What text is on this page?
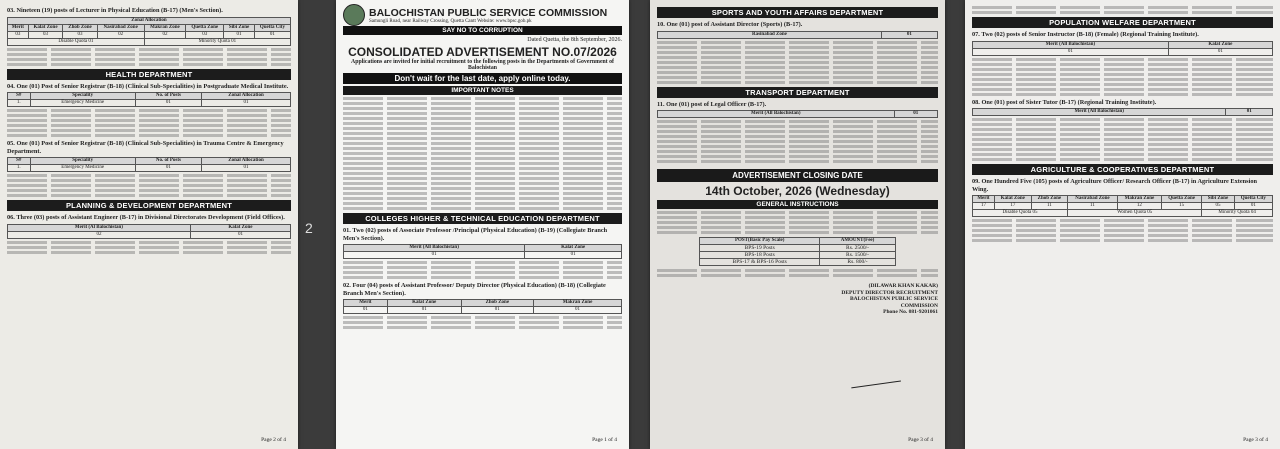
03. Nineteen (19) posts of Lecturer in Physical Education (B-17) (Men's Section).
Zonal Allocation							
Merit	Kalat Zone	Zhob Zone	Nasirabad Zone	Makran Zone	Quetta Zone	Sibi Zone	Quetta City
03	03	03	02	02	03	01	01
Disable Quota 01				Minority Quota 01			
HEALTH DEPARTMENT
04. One (01) Post of Senior Registrar (B-18) (Clinical Sub-Specialities) in Postgraduate Medical Institute.
S#	Speciality	No. of Posts	Zonal Allocation
1.	Emergency Medicine	01	01
05. One (01) Post of Senior Registrar (B-18) (Clinical Sub-Specialities) in Trauma Centre & Emergency Department.
S#	Speciality	No. of Posts	Zonal Allocation
1.	Emergency Medicine	01	01
PLANNING & DEVELOPMENT DEPARTMENT
06. Three (03) posts of Assistant Engineer (B-17) in Divisional Directorates Development (Field Offices).
Merit (Al Balochistan)	Kalat Zone
02	01
Page 2 of 4
2
BALOCHISTAN PUBLIC SERVICE COMMISSION
Samungli Road, near Railway Crossing, Quetta Cantt Website: www.bpsc.gob.pk
SAY NO TO CORRUPTION
Dated Quetta, the 8th September, 2026.
CONSOLIDATED ADVERTISEMENT NO.07/2026
Applications are invited for initial recruitment to the following posts in the Departments of Government of Balochistan
Don't wait for the last date, apply online today.
IMPORTANT NOTES
COLLEGES HIGHER & TECHNICAL EDUCATION DEPARTMENT
01. Two (02) posts of Associate Professor /Principal (Physical Education) (B-19) (Collegiate Branch Men's Section).
Merit (All Balochistan)	Kalat Zone
01	01
02. Four (04) posts of Assistant Professor/ Deputy Director (Physical Education) (B-18) (Collegiate Branch Men's Section).
Merit	Kalat Zone	Zhob Zone	Makran Zone
01	01	01	01
Page 1 of 4
SPORTS AND YOUTH AFFAIRS DEPARTMENT
10. One (01) post of Assistant Director (Sports) (B-17).
Rasinabad Zone	01
TRANSPORT DEPARTMENT
11. One (01) post of Legal Officer (B-17).
Merit (All Balochistan)	01
ADVERTISEMENT CLOSING DATE
14th October, 2026 (Wednesday)
GENERAL INSTRUCTIONS
POST(Basic Pay Scale)	AMOUNT(Fee)
BPS-19 Posts	Rs. 2500/-
BPS-18 Posts	Rs. 1500/-
BPS-17 & BPS-16 Posts	Rs. 800/-
(DILAWAR KHAN KAKAR)
DEPUTY DIRECTOR RECRUITMENT
BALOCHISTAN PUBLIC SERVICE
COMMISSION
Phone No. 081-9201061
Page 3 of 4
POPULATION WELFARE DEPARTMENT
07. Two (02) posts of Senior Instructor (B-18) (Female) (Regional Training Institute).
Merit (All Balochistan)	Kalat Zone
01	01
08. One (01) post of Sister Tutor (B-17) (Regional Training Institute).
Merit (All Balochistan)	01
AGRICULTURE & COOPERATIVES DEPARTMENT
09. One Hundred Five (105) posts of Agriculture Officer/ Research Officer (B-17) in Agriculture Extension Wing.
Merit	Kalat Zone	Zhob Zone	Nasirabad Zone	Makran Zone	Quetta Zone	Sibi Zone	Quetta City
17	17	11	11	12	15	05	01
Disable Quota 05			Women Quota 05			Minority Quota 04	
Page 3 of 4
